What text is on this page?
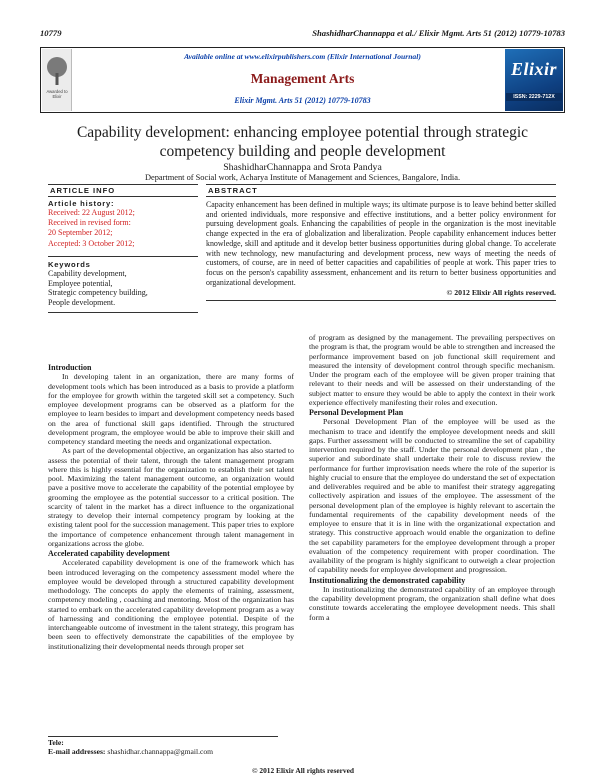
10779	ShashidharChannappa et al./ Elixir Mgmt. Arts 51 (2012) 10779-10783
Awarded to Elixir
Available online at www.elixirpublishers.com (Elixir International Journal)
Management Arts
Elixir Mgmt. Arts 51 (2012) 10779-10783
Elixir
ISSN: 2229-712X
Capability development: enhancing employee potential through strategic
competency building and people development
ShashidharChannappa and Srota Pandya
Department of Social work, Acharya Institute of Management and Sciences, Bangalore, India.
ARTICLE INFO
Article history:
Received: 22 August 2012;
Received in revised form:
20 September 2012;
Accepted: 3 October 2012;
Keywords
Capability development,
Employee potential,
Strategic competency building,
People development.
ABSTRACT
Capacity enhancement has been defined in multiple ways; its ultimate purpose is to leave behind better skilled and oriented individuals, more responsive and effective institutions, and a better policy environment for pursuing development goals. Enhancing the capabilities of people in the organization is the most inevitable change expected in the era of globalization and liberalization. People capability enhancement induces better knowledge, skill and aptitude and it develop better business opportunities during global change. To accelerate with new technology, new manufacturing and development process, new ways of meeting the needs of customers, of course, are in need of better capacities and capabilities of people at work. This paper tries to focus on the person's capability assessment, enhancement and its return to better business opportunities and organizational development.
© 2012 Elixir All rights reserved.
Introduction

In developing talent in an organization, there are many forms of development tools which has been introduced as a basis to provide a platform for the employee for growth within the targeted skill set a competency. Such employee development programs can be observed as a platform for the employee to learn besides to impart and development competency needs based on the area of functional skill gaps identified. Through the structured development program, the employee would be able to improve their skill and competency standard meeting the needs and organizational expectation.

As part of the developmental objective, an organization has also started to assess the potential of their talent, through the talent management program where this is highly essential for the organization to establish their set talent pool. Maximizing the talent management outcome, an organization would pave a positive move to accelerate the capability of the potential employee by grooming the employee as the potential successor to a critical position. The scarcity of talent in the market has a direct influence to the organizational strategy to develop their internal competency program by looking at the existing talent pool for the succession management. This paper tries to explore the importance of competence enhancement through talent management in organizations across the globe.

Accelerated capability development

Accelerated capability development is one of the framework which has been introduced leveraging on the competency assessment model where the employee would be developed through a structured capability development methodology. The concepts do apply the elements of training, assessment, competency modeling , coaching and mentoring. Most of the organization has started to embark on the accelerated capability development program as a way of harnessing and conditioning the employee potential. Despite of the interchangeable outcome of investment in the talent strategy, this program has been seen to effectively demonstrate the capabilities of the employee by institutionalizing their developmental needs through proper set

of program as designed by the management. The prevailing perspectives on the program is that, the program would be able to strengthen and increased the performance improvement based on job functional skill requirement and measured the intensity of development control through specific mechanism. Under the program each of the employee will be given proper training that relevant to their needs and will be assessed on their understanding of the subject matter to ensure they would be able to apply the context in their work experience effectively manifesting their roles and execution.

Personal Development Plan

Personal Development Plan of the employee will be used as the mechanism to trace and identify the employee development needs and skill gaps. Further assessment will be conducted to streamline the set of capability intervention required by the staff. Under the personal development plan , the superior and subordinate shall undertake their role to discuss review the performance for further improvisation needs where the role of the superior is highly crucial to ensure that the employee do understand the set of expectation and deliverables required and be able to manifest their strategy aggregating collectively aspiration and issues of the employee. The assessment of the personal development plan of the employee is highly relevant to ascertain the fundamental requirements of the capability development needs of the employee to ensure that it is in line with the organizational expectation and strategy. This constructive approach would enable the organization to define the set capability parameters for the employee development through a proper evaluation of the competency requirement with proper coordination. The availability of the program is highly significant to outweigh a clear projection of capability needs for employee development and progression.

Institutionalizing the demonstrated capability

In institutionalizing the demonstrated capability of an employee through the capability development program, the organization shall define what does constitute towards accelerating the employee development needs. This shall form a

Tele:
E-mail addresses: shashidhar.channappa@gmail.com
© 2012 Elixir All rights reserved
